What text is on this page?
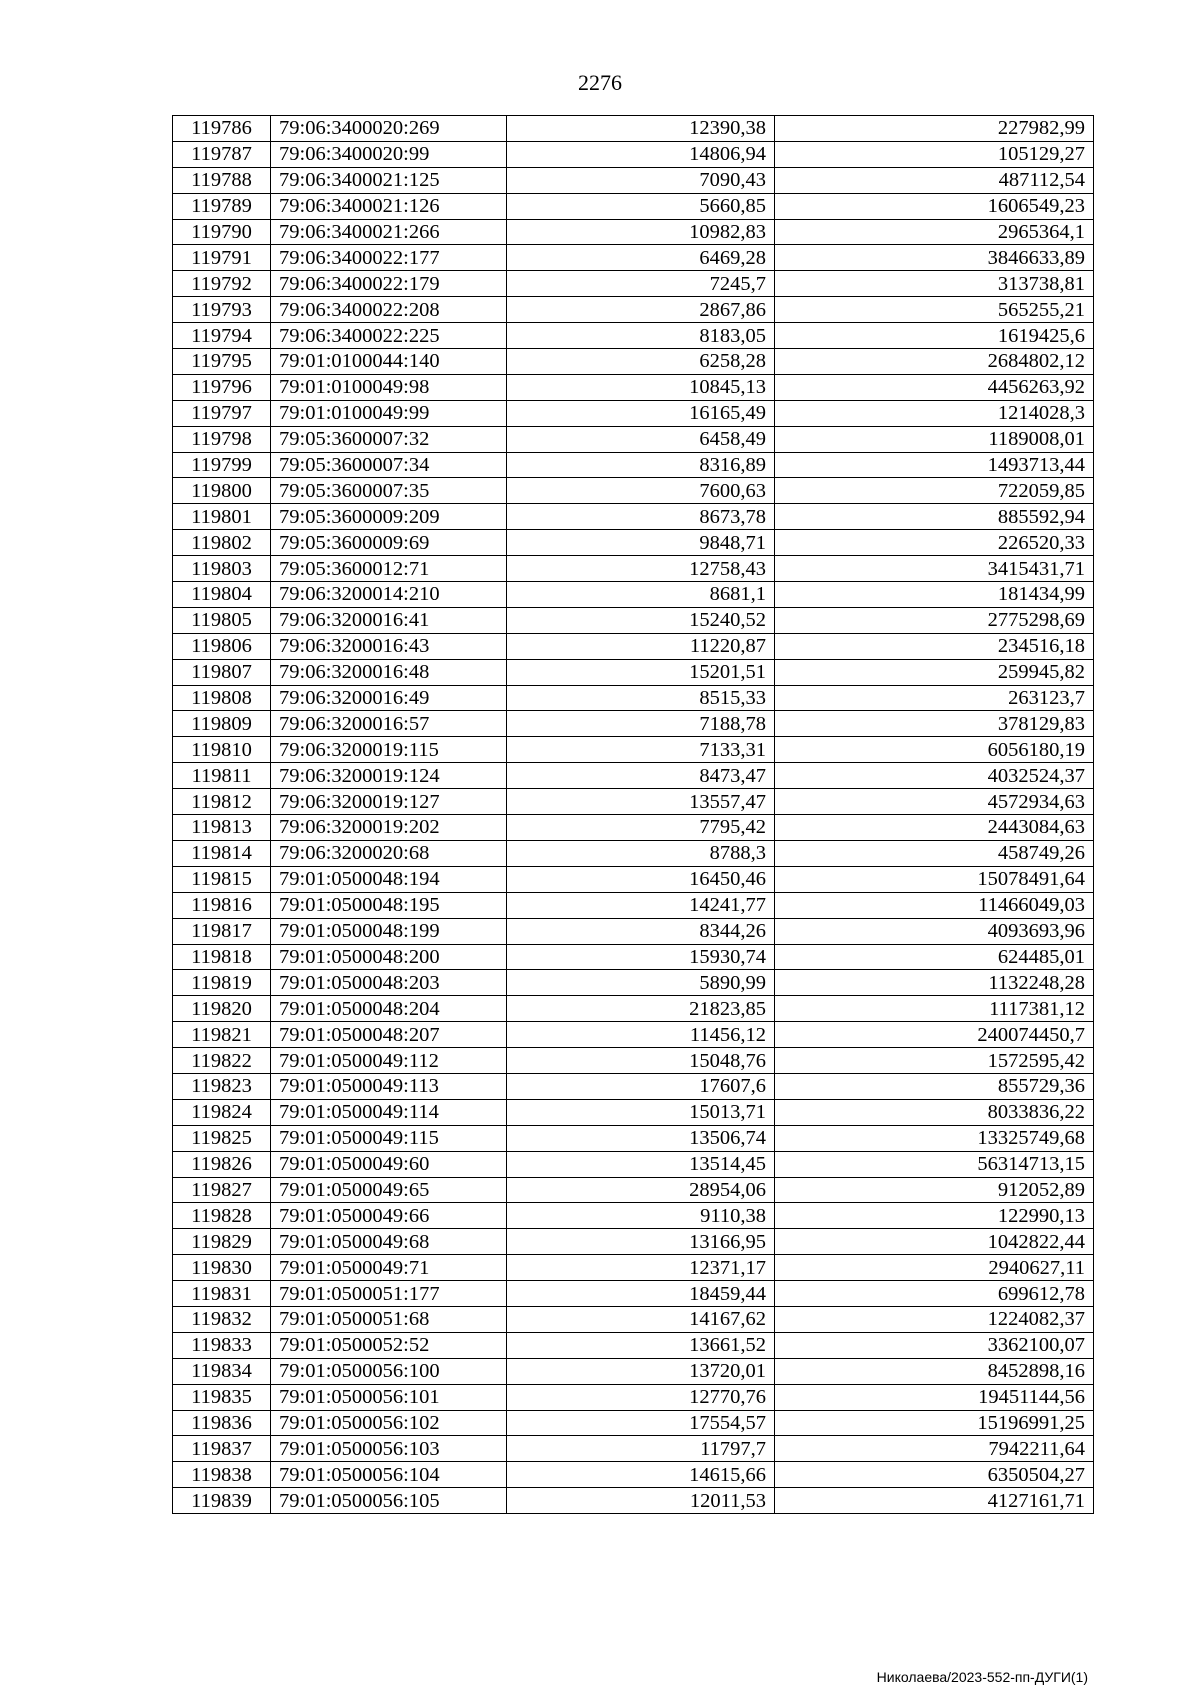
2276
119786	79:06:3400020:269	12390,38	227982,99
119787	79:06:3400020:99	14806,94	105129,27
119788	79:06:3400021:125	7090,43	487112,54
119789	79:06:3400021:126	5660,85	1606549,23
119790	79:06:3400021:266	10982,83	2965364,1
119791	79:06:3400022:177	6469,28	3846633,89
119792	79:06:3400022:179	7245,7	313738,81
119793	79:06:3400022:208	2867,86	565255,21
119794	79:06:3400022:225	8183,05	1619425,6
119795	79:01:0100044:140	6258,28	2684802,12
119796	79:01:0100049:98	10845,13	4456263,92
119797	79:01:0100049:99	16165,49	1214028,3
119798	79:05:3600007:32	6458,49	1189008,01
119799	79:05:3600007:34	8316,89	1493713,44
119800	79:05:3600007:35	7600,63	722059,85
119801	79:05:3600009:209	8673,78	885592,94
119802	79:05:3600009:69	9848,71	226520,33
119803	79:05:3600012:71	12758,43	3415431,71
119804	79:06:3200014:210	8681,1	181434,99
119805	79:06:3200016:41	15240,52	2775298,69
119806	79:06:3200016:43	11220,87	234516,18
119807	79:06:3200016:48	15201,51	259945,82
119808	79:06:3200016:49	8515,33	263123,7
119809	79:06:3200016:57	7188,78	378129,83
119810	79:06:3200019:115	7133,31	6056180,19
119811	79:06:3200019:124	8473,47	4032524,37
119812	79:06:3200019:127	13557,47	4572934,63
119813	79:06:3200019:202	7795,42	2443084,63
119814	79:06:3200020:68	8788,3	458749,26
119815	79:01:0500048:194	16450,46	15078491,64
119816	79:01:0500048:195	14241,77	11466049,03
119817	79:01:0500048:199	8344,26	4093693,96
119818	79:01:0500048:200	15930,74	624485,01
119819	79:01:0500048:203	5890,99	1132248,28
119820	79:01:0500048:204	21823,85	1117381,12
119821	79:01:0500048:207	11456,12	240074450,7
119822	79:01:0500049:112	15048,76	1572595,42
119823	79:01:0500049:113	17607,6	855729,36
119824	79:01:0500049:114	15013,71	8033836,22
119825	79:01:0500049:115	13506,74	13325749,68
119826	79:01:0500049:60	13514,45	56314713,15
119827	79:01:0500049:65	28954,06	912052,89
119828	79:01:0500049:66	9110,38	122990,13
119829	79:01:0500049:68	13166,95	1042822,44
119830	79:01:0500049:71	12371,17	2940627,11
119831	79:01:0500051:177	18459,44	699612,78
119832	79:01:0500051:68	14167,62	1224082,37
119833	79:01:0500052:52	13661,52	3362100,07
119834	79:01:0500056:100	13720,01	8452898,16
119835	79:01:0500056:101	12770,76	19451144,56
119836	79:01:0500056:102	17554,57	15196991,25
119837	79:01:0500056:103	11797,7	7942211,64
119838	79:01:0500056:104	14615,66	6350504,27
119839	79:01:0500056:105	12011,53	4127161,71
Николаева/2023-552-пп-ДУГИ(1)
